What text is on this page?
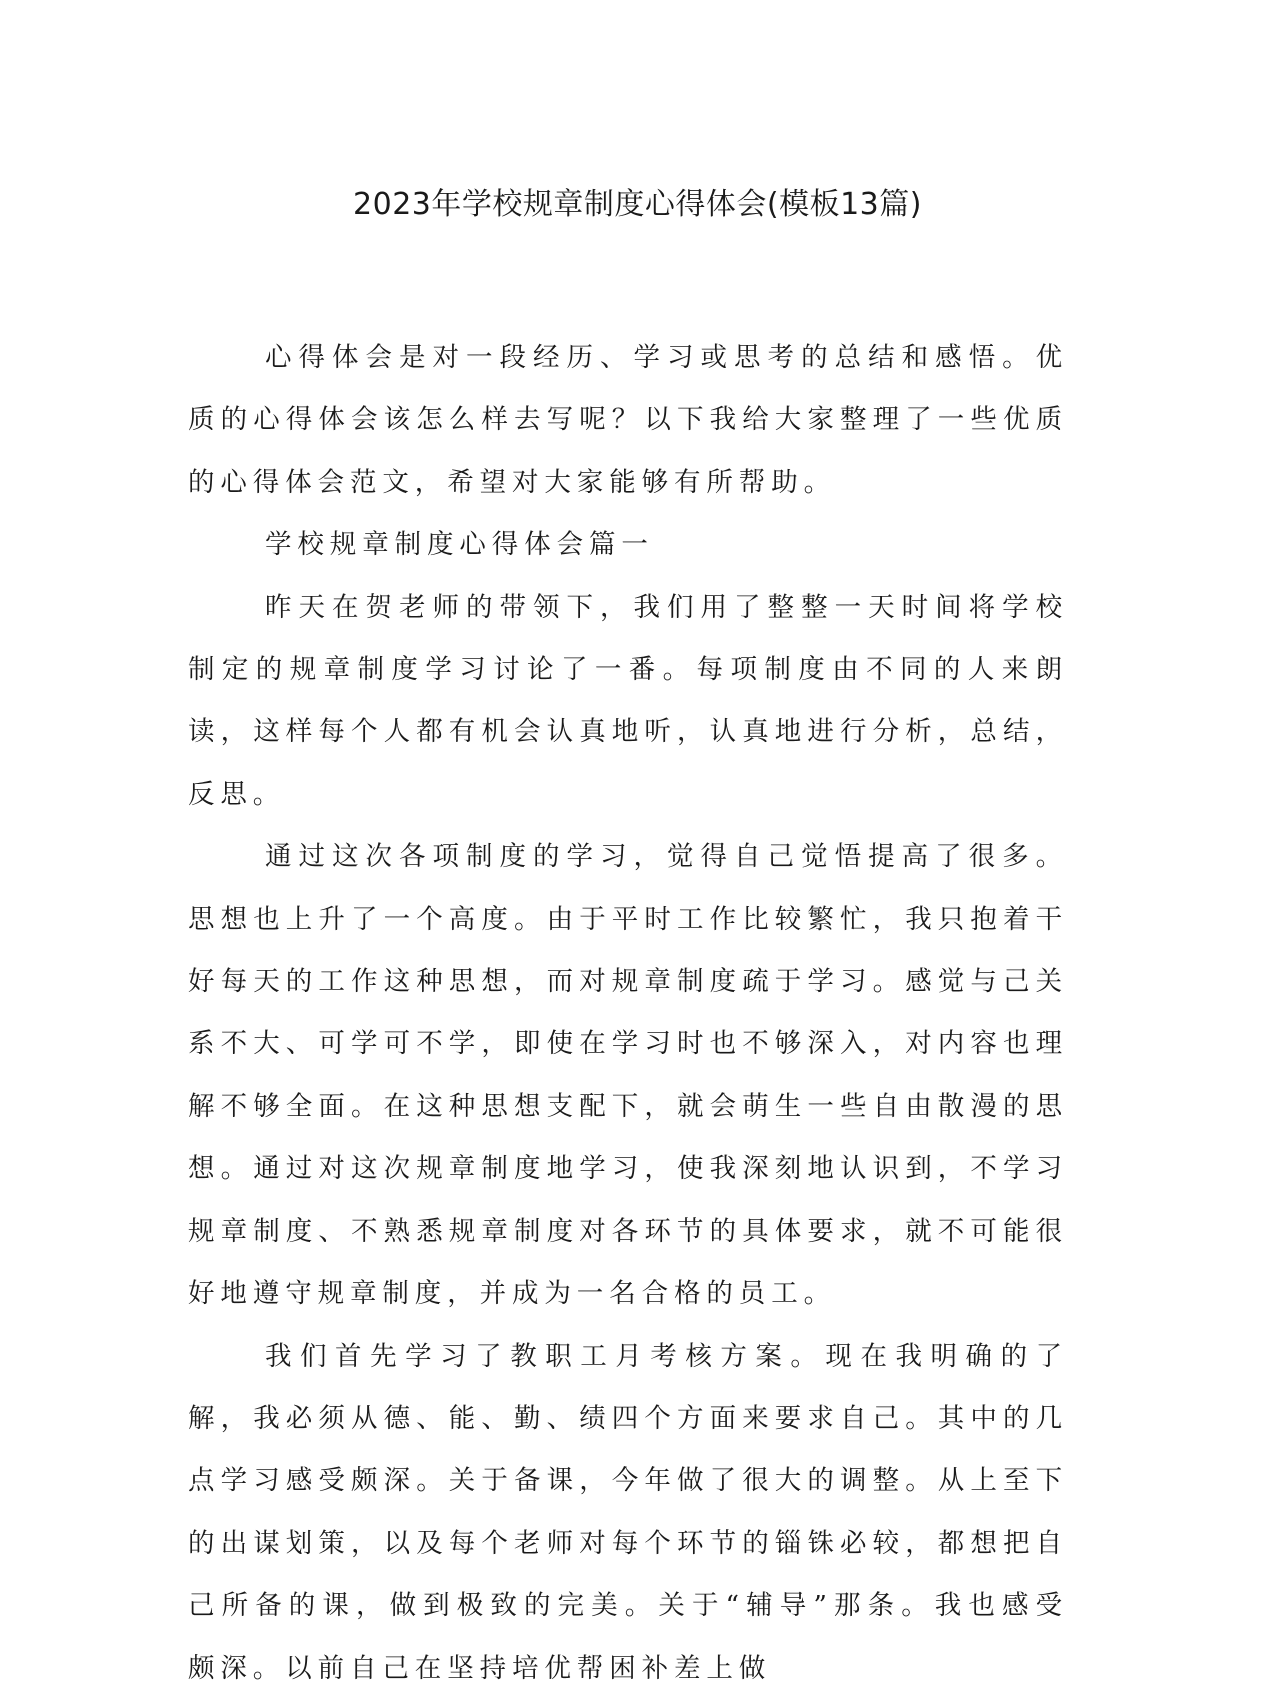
2023年学校规章制度心得体会(模板13篇)

心得体会是对一段经历、学习或思考的总结和感悟。优质的心得体会该怎么样去写呢？以下我给大家整理了一些优质的心得体会范文，希望对大家能够有所帮助。

学校规章制度心得体会篇一

昨天在贺老师的带领下，我们用了整整一天时间将学校制定的规章制度学习讨论了一番。每项制度由不同的人来朗读，这样每个人都有机会认真地听，认真地进行分析，总结，反思。

通过这次各项制度的学习，觉得自己觉悟提高了很多。思想也上升了一个高度。由于平时工作比较繁忙，我只抱着干好每天的工作这种思想，而对规章制度疏于学习。感觉与己关系不大、可学可不学，即使在学习时也不够深入，对内容也理解不够全面。在这种思想支配下，就会萌生一些自由散漫的思想。通过对这次规章制度地学习，使我深刻地认识到，不学习规章制度、不熟悉规章制度对各环节的具体要求，就不可能很好地遵守规章制度，并成为一名合格的员工。

我们首先学习了教职工月考核方案。现在我明确的了解，我必须从德、能、勤、绩四个方面来要求自己。其中的几点学习感受颇深。关于备课，今年做了很大的调整。从上至下的出谋划策，以及每个老师对每个环节的锱铢必较，都想把自己所备的课，做到极致的完美。关于“辅导”那条。我也感受颇深。以前自己在坚持培优帮困补差上做
